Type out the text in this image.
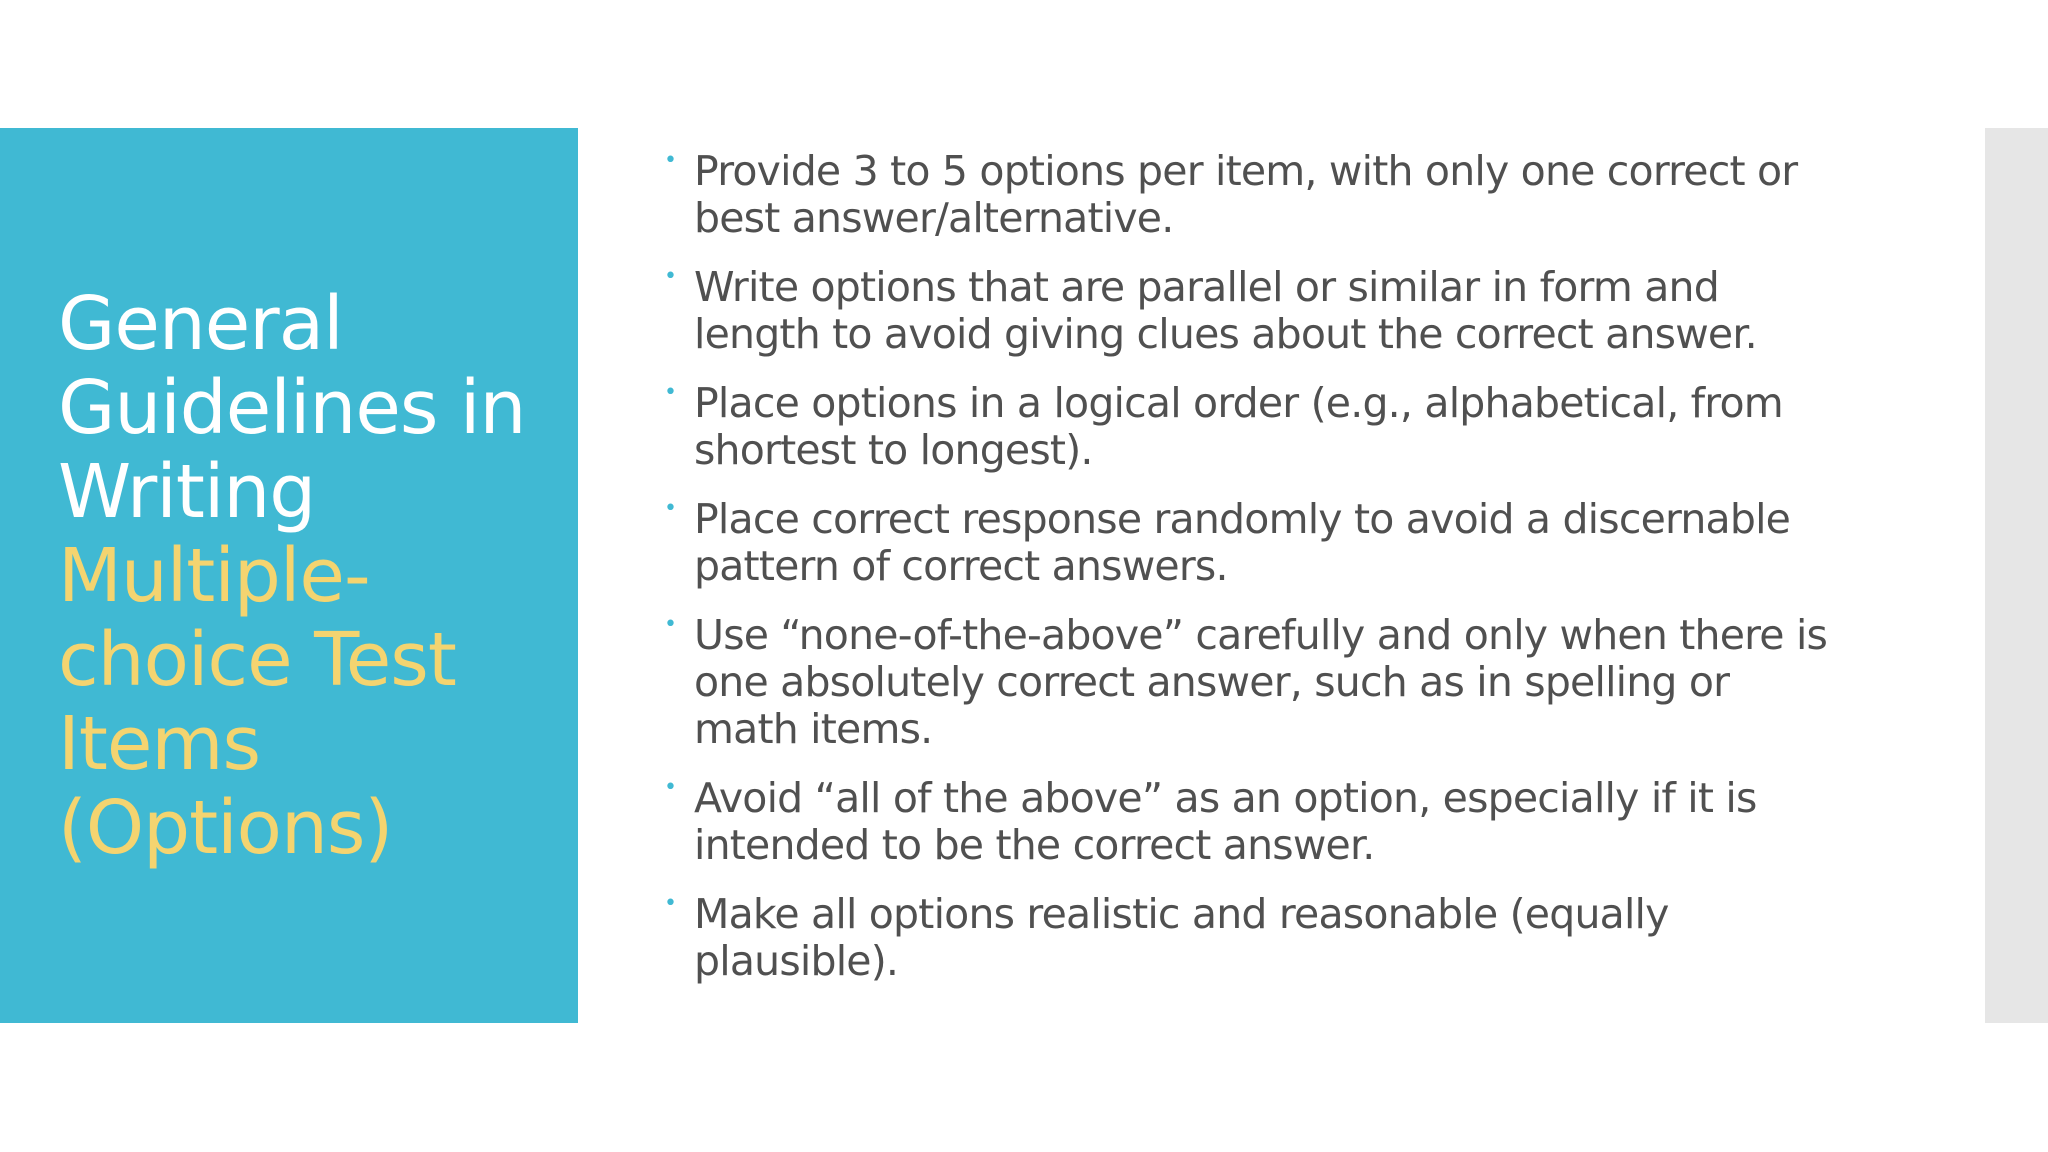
General
Guidelines in
Writing
Multiple-
choice Test
Items
(Options)
• Provide 3 to 5 options per item, with only one correct or
best answer/alternative.
• Write options that are parallel or similar in form and
length to avoid giving clues about the correct answer.
• Place options in a logical order (e.g., alphabetical, from
shortest to longest).
• Place correct response randomly to avoid a discernable
pattern of correct answers.
• Use “none-of-the-above” carefully and only when there is
one absolutely correct answer, such as in spelling or
math items.
• Avoid “all of the above” as an option, especially if it is
intended to be the correct answer.
• Make all options realistic and reasonable (equally
plausible).
